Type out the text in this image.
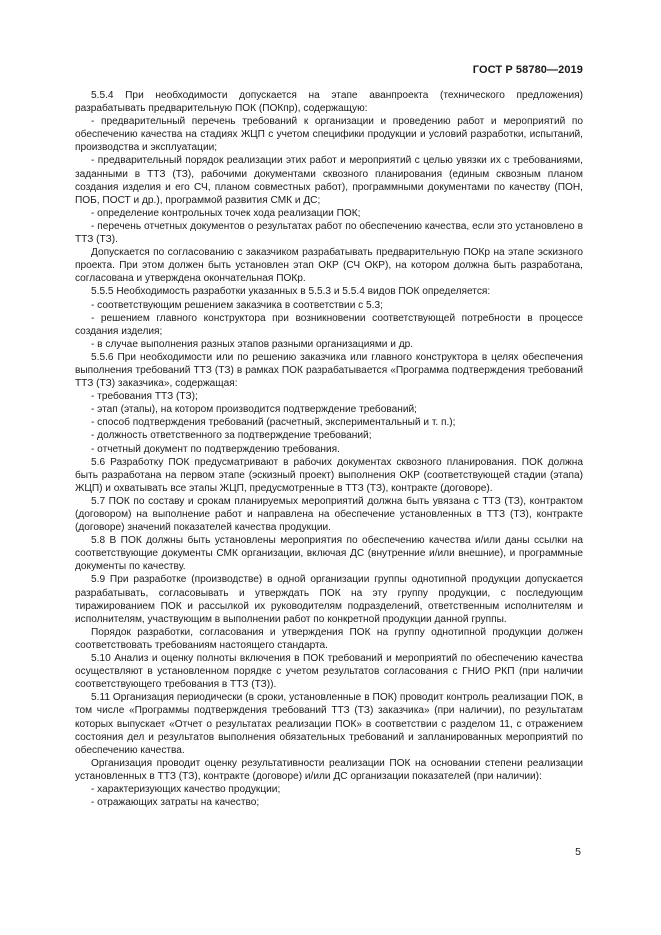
ГОСТ Р 58780—2019

5.5.4 При необходимости допускается на этапе аванпроекта (технического предложения) разрабатывать предварительную ПОК (ПОКпр), содержащую:

- предварительный перечень требований к организации и проведению работ и мероприятий по обеспечению качества на стадиях ЖЦП с учетом специфики продукции и условий разработки, испытаний, производства и эксплуатации;

- предварительный порядок реализации этих работ и мероприятий с целью увязки их с требованиями, заданными в ТТЗ (ТЗ), рабочими документами сквозного планирования (единым сквозным планом создания изделия и его СЧ, планом совместных работ), программными документами по качеству (ПОН, ПОБ, ПОСТ и др.), программой развития СМК и ДС;

- определение контрольных точек хода реализации ПОК;

- перечень отчетных документов о результатах работ по обеспечению качества, если это установлено в ТТЗ (ТЗ).

Допускается по согласованию с заказчиком разрабатывать предварительную ПОКр на этапе эскизного проекта. При этом должен быть установлен этап ОКР (СЧ ОКР), на котором должна быть разработана, согласована и утверждена окончательная ПОКр.

5.5.5 Необходимость разработки указанных в 5.5.3 и 5.5.4 видов ПОК определяется:

- соответствующим решением заказчика в соответствии с 5.3;

- решением главного конструктора при возникновении соответствующей потребности в процессе создания изделия;

- в случае выполнения разных этапов разными организациями и др.

5.5.6 При необходимости или по решению заказчика или главного конструктора в целях обеспечения выполнения требований ТТЗ (ТЗ) в рамках ПОК разрабатывается «Программа подтверждения требований ТТЗ (ТЗ) заказчика», содержащая:

- требования ТТЗ (ТЗ);

- этап (этапы), на котором производится подтверждение требований;

- способ подтверждения требований (расчетный, экспериментальный и т. п.);

- должность ответственного за подтверждение требований;

- отчетный документ по подтверждению требования.

5.6 Разработку ПОК предусматривают в рабочих документах сквозного планирования. ПОК должна быть разработана на первом этапе (эскизный проект) выполнения ОКР (соответствующей стадии (этапа) ЖЦП) и охватывать все этапы ЖЦП, предусмотренные в ТТЗ (ТЗ), контракте (договоре).

5.7 ПОК по составу и срокам планируемых мероприятий должна быть увязана с ТТЗ (ТЗ), контрактом (договором) на выполнение работ и направлена на обеспечение установленных в ТТЗ (ТЗ), контракте (договоре) значений показателей качества продукции.

5.8 В ПОК должны быть установлены мероприятия по обеспечению качества и/или даны ссылки на соответствующие документы СМК организации, включая ДС (внутренние и/или внешние), и программные документы по качеству.

5.9 При разработке (производстве) в одной организации группы однотипной продукции допускается разрабатывать, согласовывать и утверждать ПОК на эту группу продукции, с последующим тиражированием ПОК и рассылкой их руководителям подразделений, ответственным исполнителям и исполнителям, участвующим в выполнении работ по конкретной продукции данной группы.

Порядок разработки, согласования и утверждения ПОК на группу однотипной продукции должен соответствовать требованиям настоящего стандарта.

5.10 Анализ и оценку полноты включения в ПОК требований и мероприятий по обеспечению качества осуществляют в установленном порядке с учетом результатов согласования с ГНИО РКП (при наличии соответствующего требования в ТТЗ (ТЗ)).

5.11 Организация периодически (в сроки, установленные в ПОК) проводит контроль реализации ПОК, в том числе «Программы подтверждения требований ТТЗ (ТЗ) заказчика» (при наличии), по результатам которых выпускает «Отчет о результатах реализации ПОК» в соответствии с разделом 11, с отражением состояния дел и результатов выполнения обязательных требований и запланированных мероприятий по обеспечению качества.

Организация проводит оценку результативности реализации ПОК на основании степени реализации установленных в ТТЗ (ТЗ), контракте (договоре) и/или ДС организации показателей (при наличии):

- характеризующих качество продукции;

- отражающих затраты на качество;

5
